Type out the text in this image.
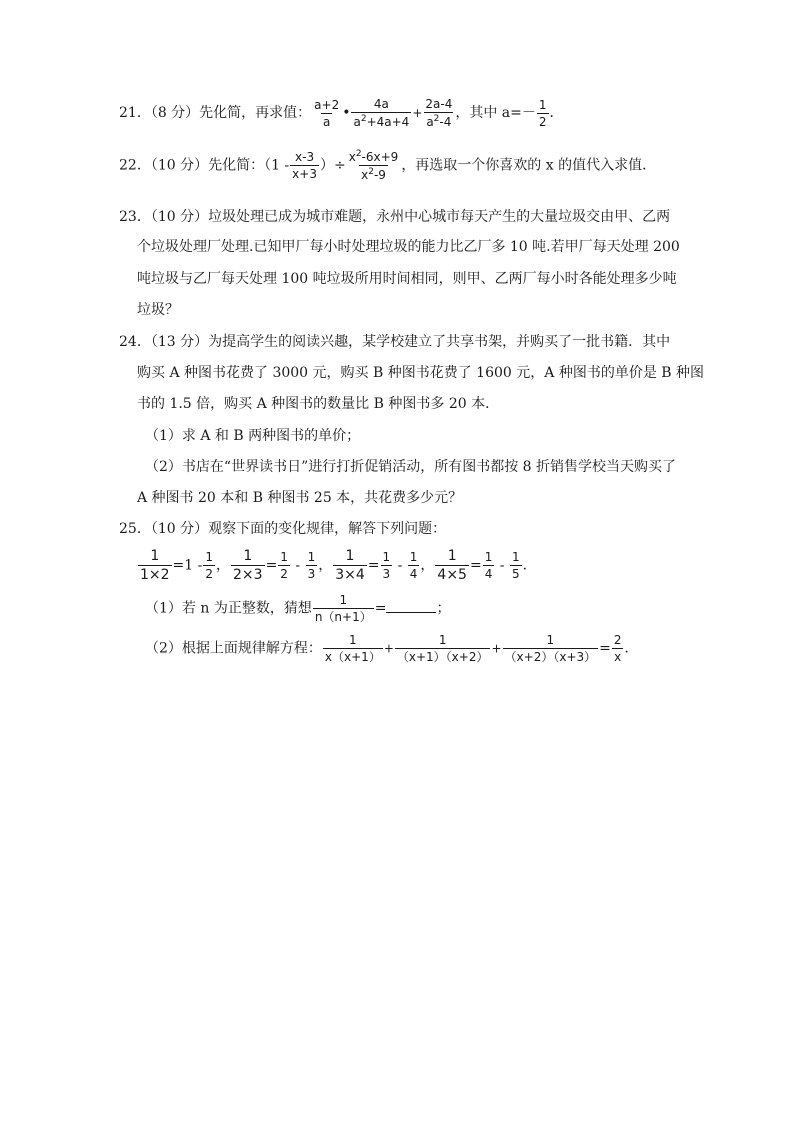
21．（8 分）先化简，再求值： $\frac{a+2}{a}$ • $\frac{4a}{a^2+4a+4} + \frac{2a-4}{a^2-4}$ ，其中 $a=- \frac{1}{2}$ ．
22．（10 分）先化简：（$1 - \frac{x-3}{x+3}$ ）÷ $\frac{x^2-6x+9}{x^2-9}$ ，再选取一个你喜欢的 x 的值代入求值．
23．（10 分）垃圾处理已成为城市难题，永州中心城市每天产生的大量垃圾交由甲、乙两
个垃圾处理厂处理.已知甲厂每小时处理垃圾的能力比乙厂多 10 吨.若甲厂每天处理 200
吨垃圾与乙厂每天处理 100 吨垃圾所用时间相同，则甲、乙两厂每小时各能处理多少吨
垃圾？
24．（13 分）为提高学生的阅读兴趣，某学校建立了共享书架，并购买了一批书籍．其中
购买 A 种图书花费了 3000 元，购买 B 种图书花费了 1600 元，A 种图书的单价是 B 种图
书的 1.5 倍，购买 A 种图书的数量比 B 种图书多 20 本．
（1）求 A 和 B 两种图书的单价；
（2）书店在“世界读书日”进行打折促销活动，所有图书都按 8 折销售学校当天购买了
A 种图书 20 本和 B 种图书 25 本，共花费多少元？
25．（10 分）观察下面的变化规律，解答下列问题：
$\frac{1}{1\times 2} =1 - \frac{1}{2}$ ， $\frac{1}{2\times 3} = \frac{1}{2} - \frac{1}{3}$ ， $\frac{1}{3\times 4} = \frac{1}{3} - \frac{1}{4}$ ， $\frac{1}{4\times 5} = \frac{1}{4} - \frac{1}{5}$ ．
（1）若 n 为正整数，猜想 $\frac{1}{n(n+1)}$ =	；
（2）根据上面规律解方程： $\frac{1}{x(x+1)} + \frac{1}{(x+1)(x+2)} + \frac{1}{(x+2)(x+3)} = \frac{2}{x}$ ．
